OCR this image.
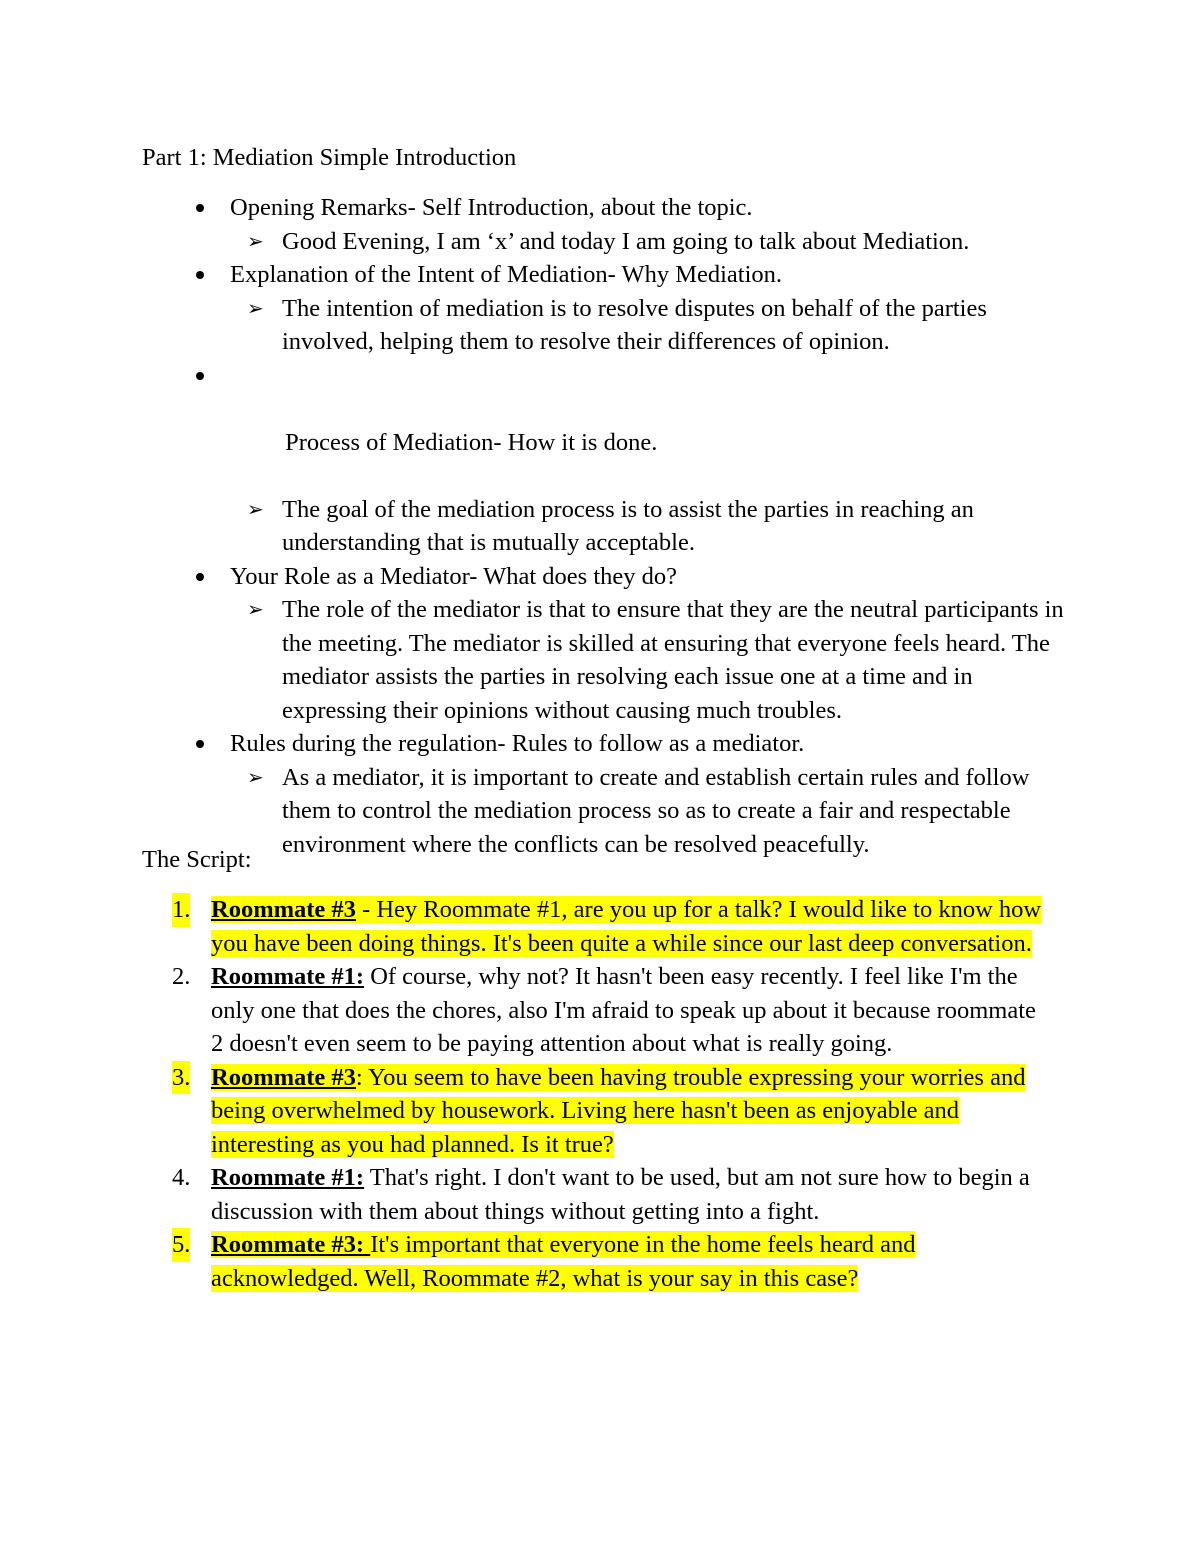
Part 1: Mediation Simple Introduction
Opening Remarks- Self Introduction, about the topic.
➢ Good Evening, I am ‘x’ and today I am going to talk about Mediation.
Explanation of the Intent of Mediation- Why Mediation.
➢ The intention of mediation is to resolve disputes on behalf of the parties involved, helping them to resolve their differences of opinion.

Process of Mediation- How it is done.

➢ The goal of the mediation process is to assist the parties in reaching an understanding that is mutually acceptable.
Your Role as a Mediator- What does they do?
➢ The role of the mediator is that to ensure that they are the neutral participants in the meeting. The mediator is skilled at ensuring that everyone feels heard. The mediator assists the parties in resolving each issue one at a time and in expressing their opinions without causing much troubles.
Rules during the regulation- Rules to follow as a mediator.
➢ As a mediator, it is important to create and establish certain rules and follow them to control the mediation process so as to create a fair and respectable environment where the conflicts can be resolved peacefully.
The Script:
1. Roommate #3 - Hey Roommate #1, are you up for a talk? I would like to know how you have been doing things. It's been quite a while since our last deep conversation.
2. Roommate #1: Of course, why not? It hasn't been easy recently. I feel like I'm the only one that does the chores, also I'm afraid to speak up about it because roommate 2 doesn't even seem to be paying attention about what is really going.
3. Roommate #3: You seem to have been having trouble expressing your worries and being overwhelmed by housework. Living here hasn't been as enjoyable and interesting as you had planned. Is it true?
4. Roommate #1: That's right. I don't want to be used, but am not sure how to begin a discussion with them about things without getting into a fight.
5. Roommate #3: It's important that everyone in the home feels heard and acknowledged. Well, Roommate #2, what is your say in this case?
